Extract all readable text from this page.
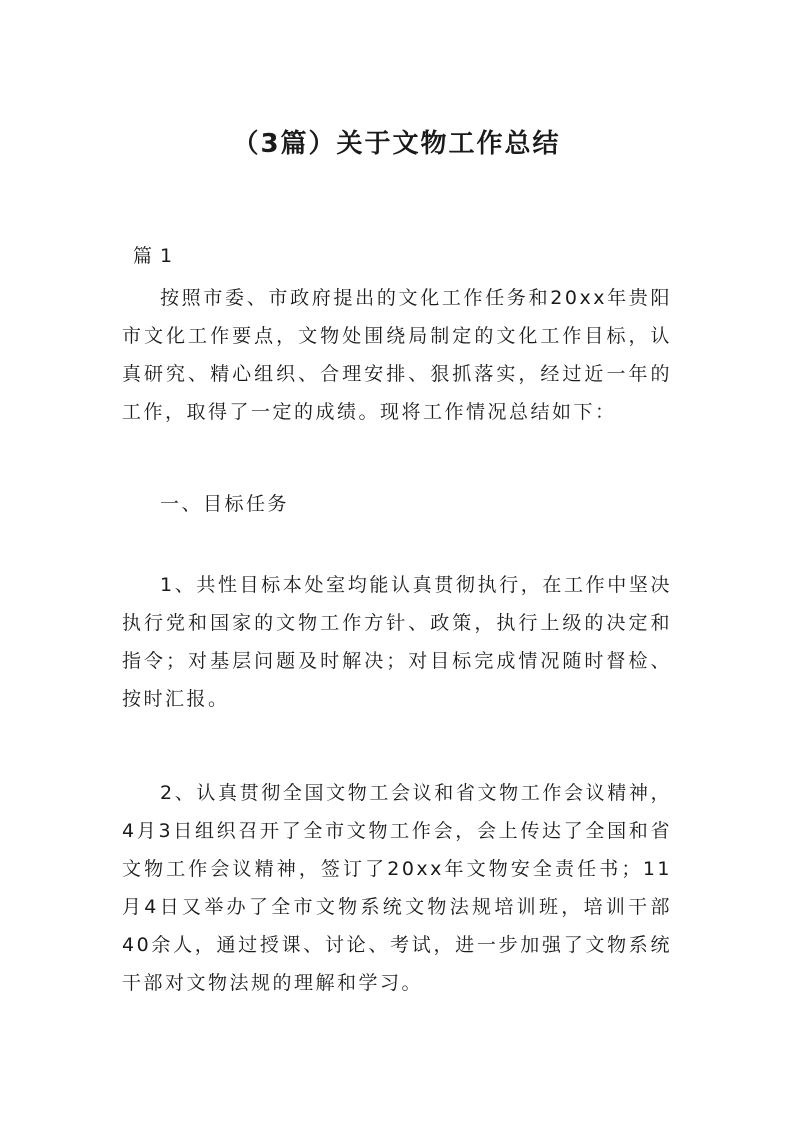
（3篇）关于文物工作总结
篇 1

按照市委、市政府提出的文化工作任务和20xx年贵阳市文化工作要点，文物处围绕局制定的文化工作目标，认真研究、精心组织、合理安排、狠抓落实，经过近一年的工作，取得了一定的成绩。现将工作情况总结如下：

一、目标任务

1、共性目标本处室均能认真贯彻执行，在工作中坚决执行党和国家的文物工作方针、政策，执行上级的决定和指令；对基层问题及时解决；对目标完成情况随时督检、按时汇报。

2、认真贯彻全国文物工会议和省文物工作会议精神，4月3日组织召开了全市文物工作会，会上传达了全国和省文物工作会议精神，签订了20xx年文物安全责任书；11月4日又举办了全市文物系统文物法规培训班，培训干部40余人，通过授课、讨论、考试，进一步加强了文物系统干部对文物法规的理解和学习。
